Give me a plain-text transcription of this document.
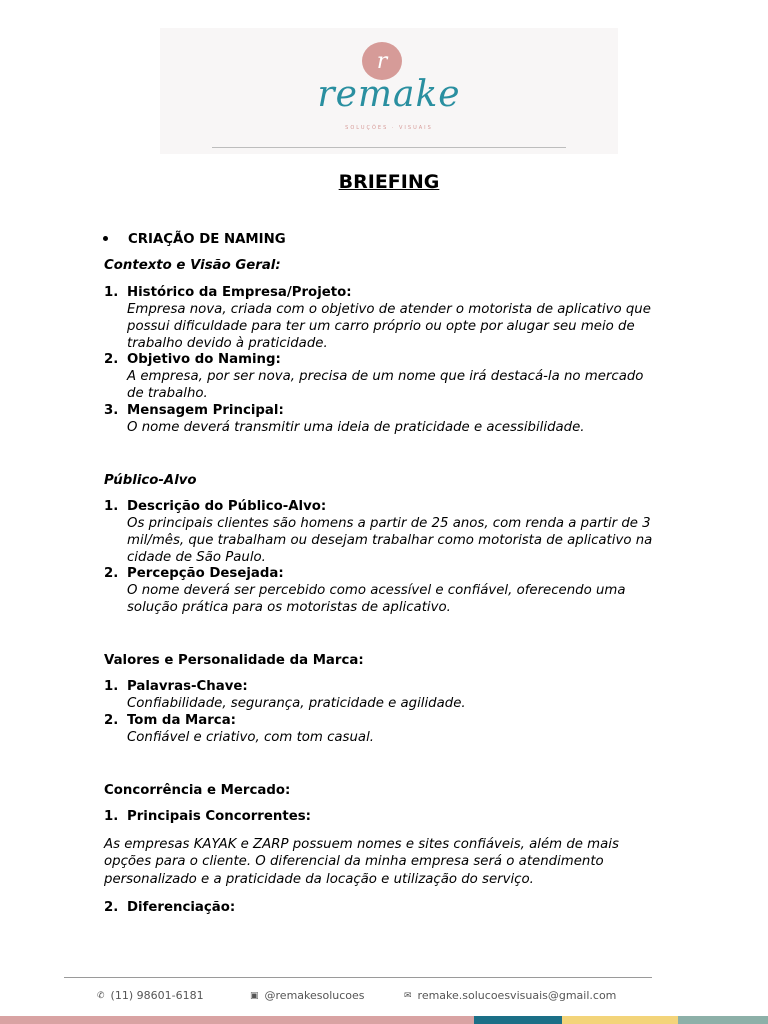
r
remake
SOLUÇÕES · VISUAIS
BRIEFING
CRIAÇÃO DE NAMING
Contexto e Visão Geral:
1. Histórico da Empresa/Projeto:
Empresa nova, criada com o objetivo de atender o motorista de aplicativo que
possui dificuldade para ter um carro próprio ou opte por alugar seu meio de
trabalho devido à praticidade.
2. Objetivo do Naming:
A empresa, por ser nova, precisa de um nome que irá destacá-la no mercado
de trabalho.
3. Mensagem Principal:
O nome deverá transmitir uma ideia de praticidade e acessibilidade.
Público-Alvo
1. Descrição do Público-Alvo:
Os principais clientes são homens a partir de 25 anos, com renda a partir de 3
mil/mês, que trabalham ou desejam trabalhar como motorista de aplicativo na
cidade de São Paulo.
2. Percepção Desejada:
O nome deverá ser percebido como acessível e confiável, oferecendo uma
solução prática para os motoristas de aplicativo.
Valores e Personalidade da Marca:
1. Palavras-Chave:
Confiabilidade, segurança, praticidade e agilidade.
2. Tom da Marca:
Confiável e criativo, com tom casual.
Concorrência e Mercado:
1. Principais Concorrentes:
As empresas KAYAK e ZARP possuem nomes e sites confiáveis, além de mais
opções para o cliente. O diferencial da minha empresa será o atendimento
personalizado e a praticidade da locação e utilização do serviço.
2. Diferenciação:
✆ (11) 98601-6181	▣ @remakesolucoes	✉ remake.solucoesvisuais@gmail.com
